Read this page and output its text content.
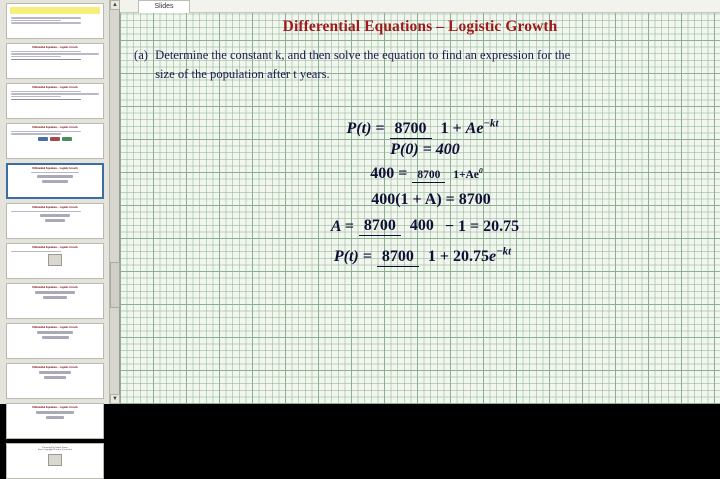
Differential Equations – Logistic Growth
Differential Equations – Logistic Growth
Differential Equations – Logistic Growth
Differential Equations – Logistic Growth
Differential Equations – Logistic Growth
Differential Equations – Logistic Growth
Differential Equations – Logistic Growth
Differential Equations – Logistic Growth
Differential Equations – Logistic Growth
Differential Equations – Logistic Growth
Presented by James Sousa
Some Copyrights Noted or Licensed as
▲
▼
Slides
Differential Equations – Logistic Growth
(a) Determine the constant k, and then solve the equation to find an expression for the size of the population after t years.
P(t) = 8700 $1 + Ae^{-kt}$
P(0) = 400
400 = 8700 $1+Ae^0$
400(1 + A) = 8700
A = 8700 400 − 1 = 20.75
P(t) = 8700 $1 + 20.75e^{-kt}$
